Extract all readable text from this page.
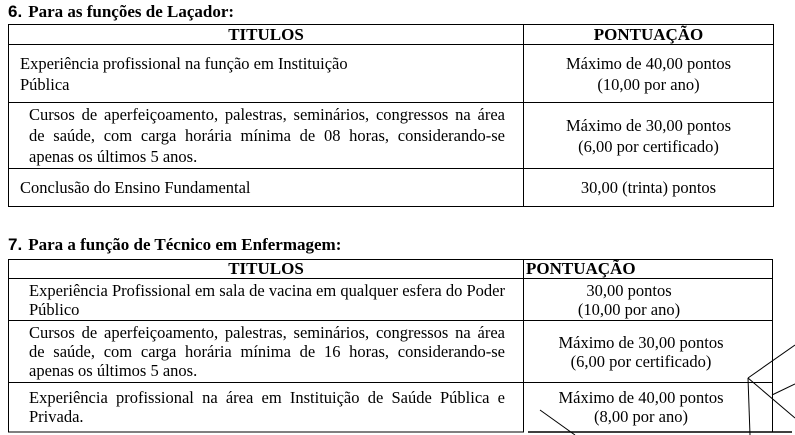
6. Para as funções de Laçador:
TITULOS	PONTUAÇÃO
Experiência profissional na função em Instituição Pública	Máximo de 40,00 pontos
(10,00 por ano)

Cursos de aperfeiçoamento, palestras, seminários, congressos na área de saúde, com carga horária mínima de 08 horas, considerando-se apenas os últimos 5 anos.	Máximo de 30,00 pontos
(6,00 por certificado)

Conclusão do Ensino Fundamental	30,00 (trinta) pontos
7. Para a função de Técnico em Enfermagem:
TITULOS	PONTUAÇÃO
Experiência Profissional em sala de vacina em qualquer esfera do Poder Público	30,00 pontos
(10,00 por ano)

Cursos de aperfeiçoamento, palestras, seminários, congressos na área de saúde, com carga horária mínima de 16 horas, considerando-se apenas os últimos 5 anos.	Máximo de 30,00 pontos
(6,00 por certificado)

Experiência profissional na área em Instituição de Saúde Pública e Privada.	Máximo de 40,00 pontos
(8,00 por ano)
